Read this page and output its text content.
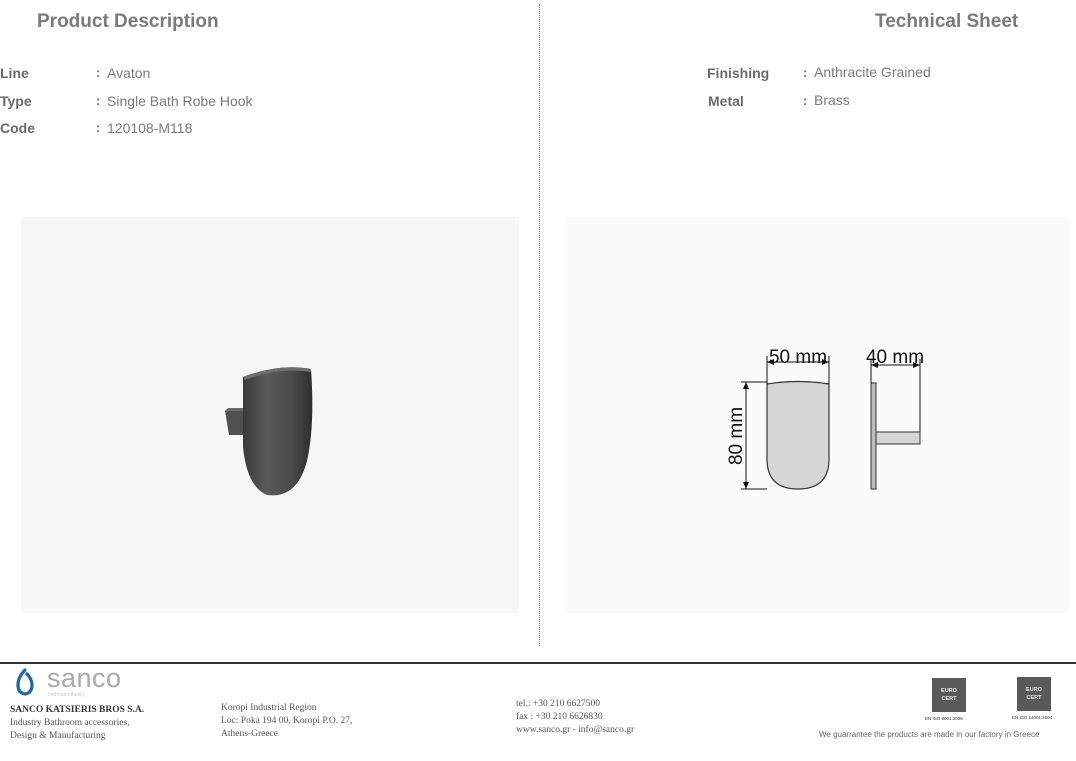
Product Description	Technical Sheet
Line	: Avaton
Type	: Single Bath Robe Hook
Code	: 120108-M118
Finishing	: Anthracite Grained
Metal	: Brass
50 mm
80 mm
40 mm
sanco
bathroom theory
SANCO KATSIERIS BROS S.A.
Industry Bathroom accessories,
Design & Manufacturing
Koropi Industrial Region
Loc: Poka 194 00, Koropi P.O. 27,
Athens-Greece
tel.: +30 210 6627500
fax : +30 210 6626830
www.sanco.gr - info@sanco.gr
EURO
CERT
EN ISO 9001:2008
EURO
CERT
EN ISO 14001:2004
We guarrantee the products are made in our factory in Greece
